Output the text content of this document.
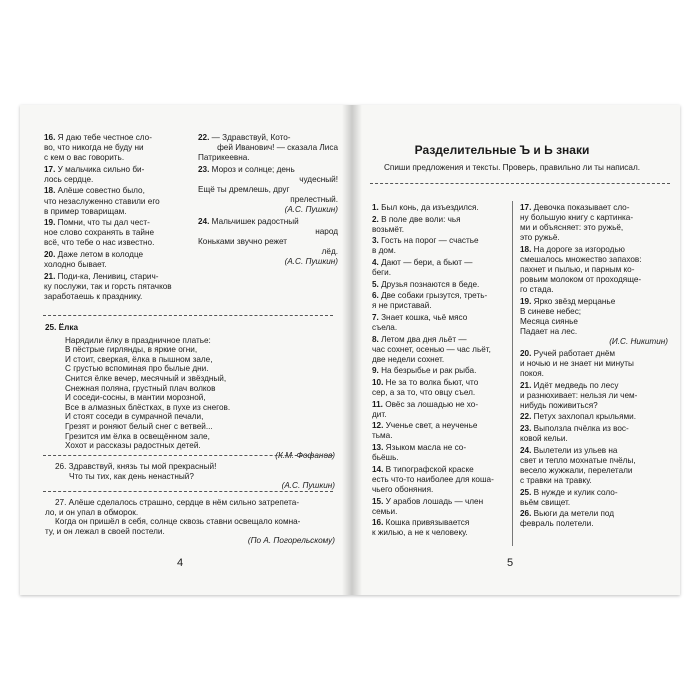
16. Я даю тебе честное сло-
во, что никогда не буду ни
с кем о вас говорить.
17. У мальчика сильно би-
лось сердце.
18. Алёше совестно было,
что незаслуженно ставили его
в пример товарищам.
19. Помни, что ты дал чест-
ное слово сохранять в тайне
всё, что тебе о нас известно.
20. Даже летом в колодце
холодно бывает.
21. Поди-ка, Ленивиц, старич-
ку послужи, так и горсть пятачков
заработаешь к празднику.
22. — Здравствуй, Кото-
фей Иванович! — сказала Лиса
Патрикеевна.
23. Мороз и солнце; день
чудесный!
Ещё ты дремлешь, друг
прелестный.
(А.С. Пушкин)
24. Мальчишек радостный
народ
Коньками звучно режет
лёд.
(А.С. Пушкин)
25. Ёлка
Нарядили ёлку в праздничное платье:
В пёстрые гирлянды, в яркие огни,
И стоит, сверкая, ёлка в пышном зале,
С грустью вспоминая про былые дни.
Снится ёлке вечер, месячный и звёздный,
Снежная поляна, грустный плач волков
И соседи-сосны, в мантии морозной,
Все в алмазных блёстках, в пухе из снегов.
И стоят соседи в сумрачной печали,
Грезят и роняют белый снег с ветвей...
Грезится им ёлка в освещённом зале,
Хохот и рассказы радостных детей.
(К.М. Фофанов)
26. Здравствуй, князь ты мой прекрасный!
Что ты тих, как день ненастный?
(А.С. Пушкин)
27. Алёше сделалось страшно, сердце в нём сильно затрепета-
ло, и он упал в обморок.
Когда он пришёл в себя, солнце сквозь ставни освещало комна-
ту, и он лежал в своей постели.
(По А. Погорельскому)
4
Разделительные Ъ и Ь знаки
Спиши предложения и тексты. Проверь, правильно ли ты написал.
1. Был конь, да изъездился.
2. В поле две воли: чья
возьмёт.
3. Гость на порог — счастье
в дом.
4. Дают — бери, а бьют —
беги.
5. Друзья познаются в беде.
6. Две собаки грызутся, треть-
я не приставай.
7. Знает кошка, чьё мясо
съела.
8. Летом два дня льёт —
час сохнет, осенью — час льёт,
две недели сохнет.
9. На безрыбье и рак рыба.
10. Не за то волка бьют, что
сер, а за то, что овцу съел.
11. Овёс за лошадью не хо-
дит.
12. Ученье свет, а неученье
тьма.
13. Языком масла не со-
бьёшь.
14. В типографской краске
есть что-то наиболее для коша-
чьего обоняния.
15. У арабов лошадь — член
семьи.
16. Кошка привязывается
к жилью, а не к человеку.
17. Девочка показывает сло-
ну большую книгу с картинка-
ми и объясняет: это ружьё,
это ружьё.
18. На дороге за изгородью
смешалось множество запахов:
пахнет и пылью, и парным ко-
ровьим молоком от проходяще-
го стада.
19. Ярко звёзд мерцанье
В синеве небес;
Месяца сиянье
Падает на лес.
(И.С. Никитин)
20. Ручей работает днём
и ночью и не знает ни минуты
покоя.
21. Идёт медведь по лесу
и разнюхивает: нельзя ли чем-
нибудь поживиться?
22. Петух захлопал крыльями.
23. Выползла пчёлка из вос-
ковой кельи.
24. Вылетели из ульев на
свет и тепло мохнатые пчёлы,
весело жужжали, перелетали
с травки на травку.
25. В нужде и кулик соло-
вьём свищет.
26. Вьюги да метели под
февраль полетели.
5
